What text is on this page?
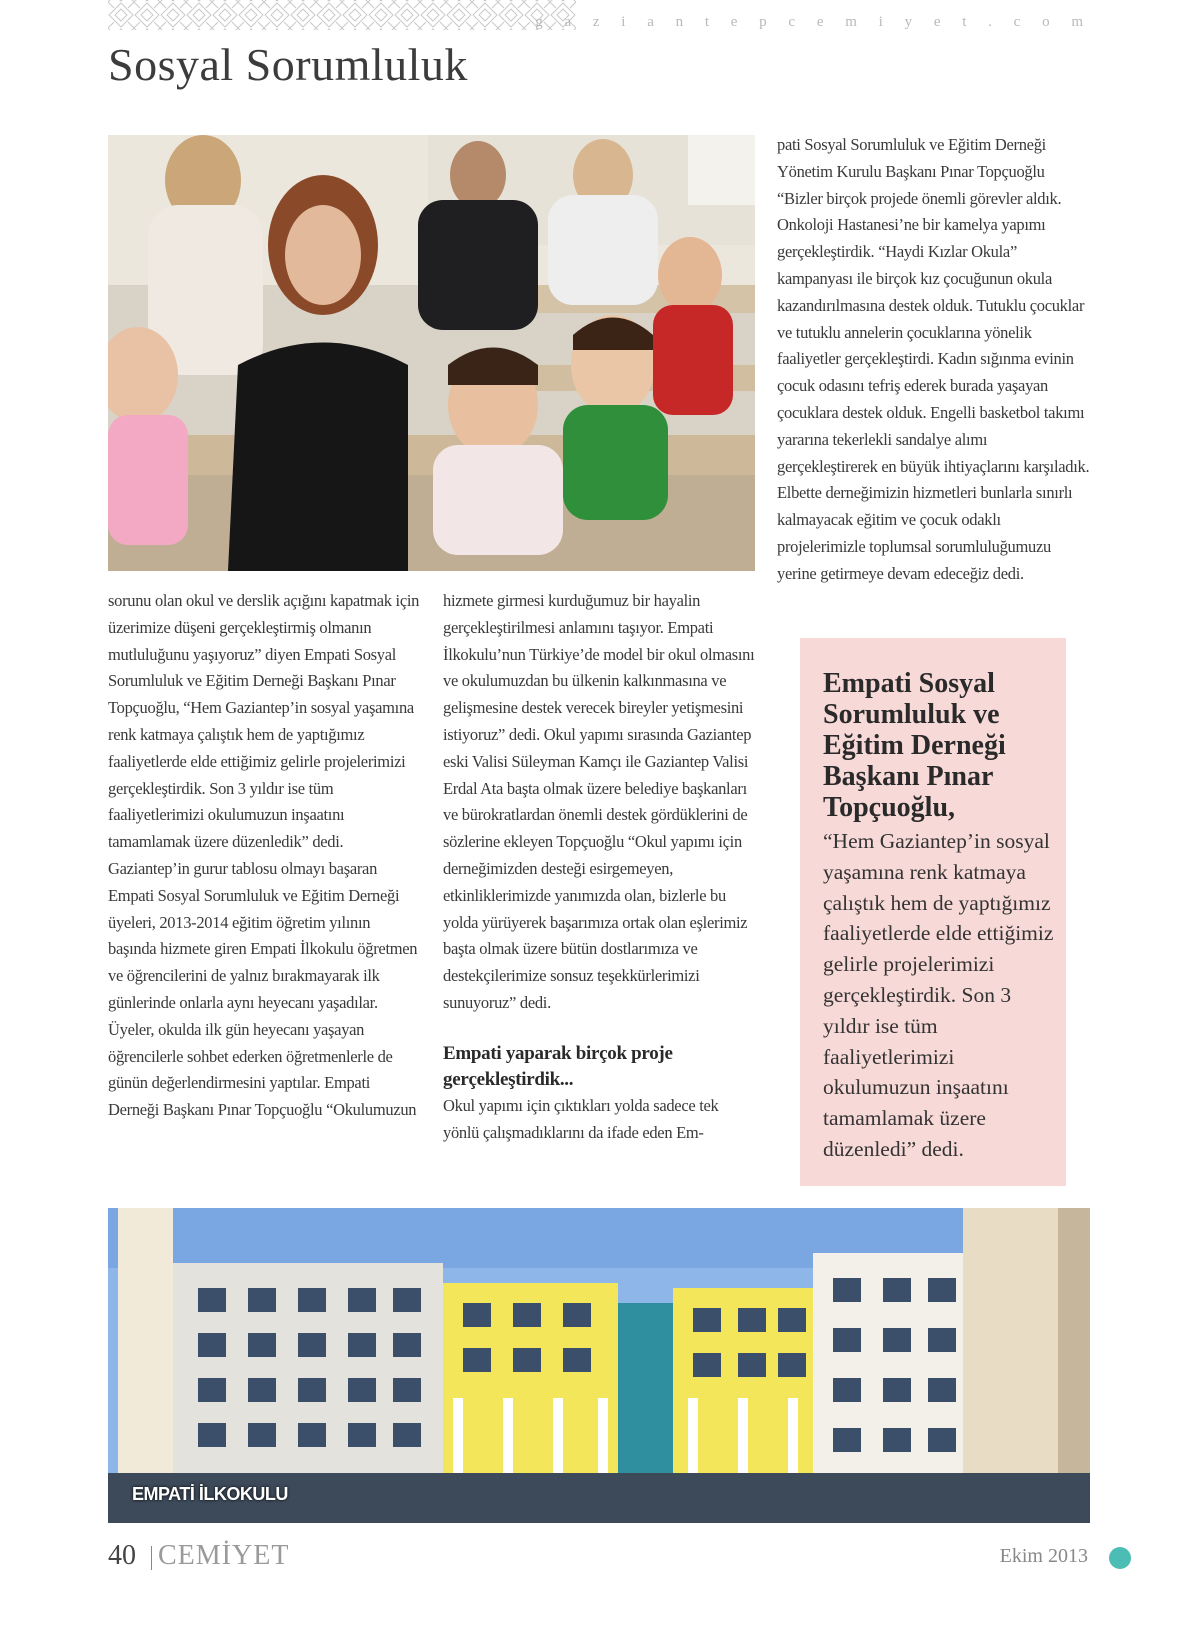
g a z i a n t e p c e m i y e t . c o m
Sosyal Sorumluluk

sorunu olan okul ve derslik açığını kapatmak için üzerimize düşeni gerçekleştirmiş olmanın mutluluğunu yaşıyoruz” diyen Empati Sosyal Sorumluluk ve Eğitim Derneği Başkanı Pınar Topçuoğlu, “Hem Gaziantep’in sosyal yaşamına renk katmaya çalıştık hem de yaptığımız faaliyetlerde elde ettiğimiz gelirle projelerimizi gerçekleştirdik. Son 3 yıldır ise tüm faaliyetlerimizi okulumuzun inşaatını tamamlamak üzere düzenledik” dedi.

Gaziantep’in gurur tablosu olmayı başaran Empati Sosyal Sorumluluk ve Eğitim Derneği üyeleri, 2013-2014 eğitim öğretim yılının başında hizmete giren Empati İlkokulu öğretmen ve öğrencilerini de yalnız bırakmayarak ilk günlerinde onlarla aynı heyecanı yaşadılar. Üyeler, okulda ilk gün heyecanı yaşayan öğrencilerle sohbet ederken öğretmenlerle de günün değerlendirmesini yaptılar. Empati Derneği Başkanı Pınar Topçuoğlu “Okulumuzun

hizmete girmesi kurduğumuz bir hayalin gerçekleştirilmesi anlamını taşıyor. Empati İlkokulu’nun Türkiye’de model bir okul olmasını ve okulumuzdan bu ülkenin kalkınmasına ve gelişmesine destek verecek bireyler yetişmesini istiyoruz” dedi. Okul yapımı sırasında Gaziantep eski Valisi Süleyman Kamçı ile Gaziantep Valisi Erdal Ata başta olmak üzere belediye başkanları ve bürokratlardan önemli destek gördüklerini de sözlerine ekleyen Topçuoğlu “Okul yapımı için derneğimizden desteği esirgemeyen, etkinliklerimizde yanımızda olan, bizlerle bu yolda yürüyerek başarımıza ortak olan eşlerimiz başta olmak üzere bütün dostlarımıza ve destekçilerimize sonsuz teşekkürlerimizi sunuyoruz” dedi.

Empati yaparak birçok proje gerçekleştirdik...

Okul yapımı için çıktıkları yolda sadece tek yönlü çalışmadıklarını da ifade eden Em-

pati Sosyal Sorumluluk ve Eğitim Derneği Yönetim Kurulu Başkanı Pınar Topçuoğlu “Bizler birçok projede önemli görevler aldık. Onkoloji Hastanesi’ne bir kamelya yapımı gerçekleştirdik. “Haydi Kızlar Okula” kampanyası ile birçok kız çocuğunun okula kazandırılmasına destek olduk. Tutuklu çocuklar ve tutuklu annelerin çocuklarına yönelik faaliyetler gerçekleştirdi. Kadın sığınma evinin çocuk odasını tefriş ederek burada yaşayan çocuklara destek olduk. Engelli basketbol takımı yararına tekerlekli sandalye alımı gerçekleştirerek en büyük ihtiyaçlarını karşıladık. Elbette derneğimizin hizmetleri bunlarla sınırlı kalmayacak eğitim ve çocuk odaklı projelerimizle toplumsal sorumluluğumuzu yerine getirmeye devam edeceğiz dedi.

Empati Sosyal Sorumluluk ve Eğitim Derneği Başkanı Pınar Topçuoğlu,
“Hem Gaziantep’in sosyal yaşamına renk katmaya çalıştık hem de yaptığımız faaliyetlerde elde ettiğimiz gelirle projelerimizi gerçekleştirdik. Son 3 yıldır ise tüm faaliyetlerimizi okulumuzun inşaatını tamamlamak üzere düzenledi” dedi.
EMPATİ İLKOKULU
40 CEMİYET	Ekim 2013
